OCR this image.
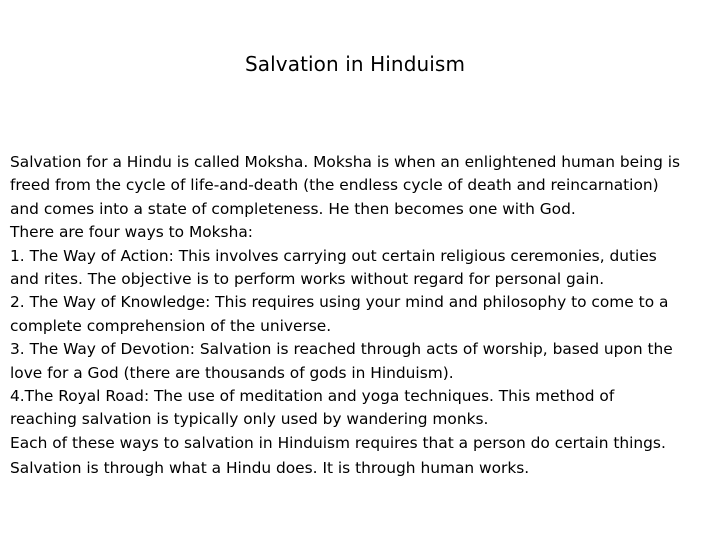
Salvation in Hinduism
Salvation for a Hindu is called Moksha. Moksha is when an enlightened human being is
freed from the cycle of life-and-death (the endless cycle of death and reincarnation)
and comes into a state of completeness. He then becomes one with God.
There are four ways to Moksha:
1. The Way of Action: This involves carrying out certain religious ceremonies, duties
and rites. The objective is to perform works without regard for personal gain.
2. The Way of Knowledge: This requires using your mind and philosophy to come to a
complete comprehension of the universe.
3. The Way of Devotion: Salvation is reached through acts of worship, based upon the
love for a God (there are thousands of gods in Hinduism).
4.The Royal Road: The use of meditation and yoga techniques. This method of
reaching salvation is typically only used by wandering monks.
Each of these ways to salvation in Hinduism requires that a person do certain things.
Salvation is through what a Hindu does. It is through human works.
